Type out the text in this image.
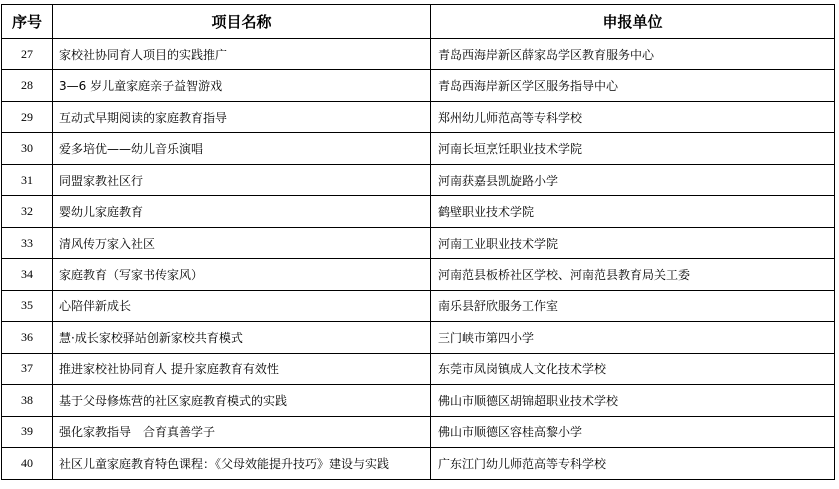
序号	项目名称	申报单位
27	家校社协同育人项目的实践推广	青岛西海岸新区薛家岛学区教育服务中心
28	3—6 岁儿童家庭亲子益智游戏	青岛西海岸新区学区服务指导中心
29	互动式早期阅读的家庭教育指导	郑州幼儿师范高等专科学校
30	爱多培优——幼儿音乐演唱	河南长垣烹饪职业技术学院
31	同盟家教社区行	河南获嘉县凯旋路小学
32	婴幼儿家庭教育	鹤壁职业技术学院
33	清风传万家入社区	河南工业职业技术学院
34	家庭教育（写家书传家风）	河南范县板桥社区学校、河南范县教育局关工委
35	心陪伴新成长	南乐县舒欣服务工作室
36	慧·成长家校驿站创新家校共育模式	三门峡市第四小学
37	推进家校社协同育人 提升家庭教育有效性	东莞市凤岗镇成人文化技术学校
38	基于父母修炼营的社区家庭教育模式的实践	佛山市顺德区胡锦超职业技术学校
39	强化家教指导　合育真善学子	佛山市顺德区容桂高黎小学
40	社区儿童家庭教育特色课程：《父母效能提升技巧》建设与实践	广东江门幼儿师范高等专科学校
